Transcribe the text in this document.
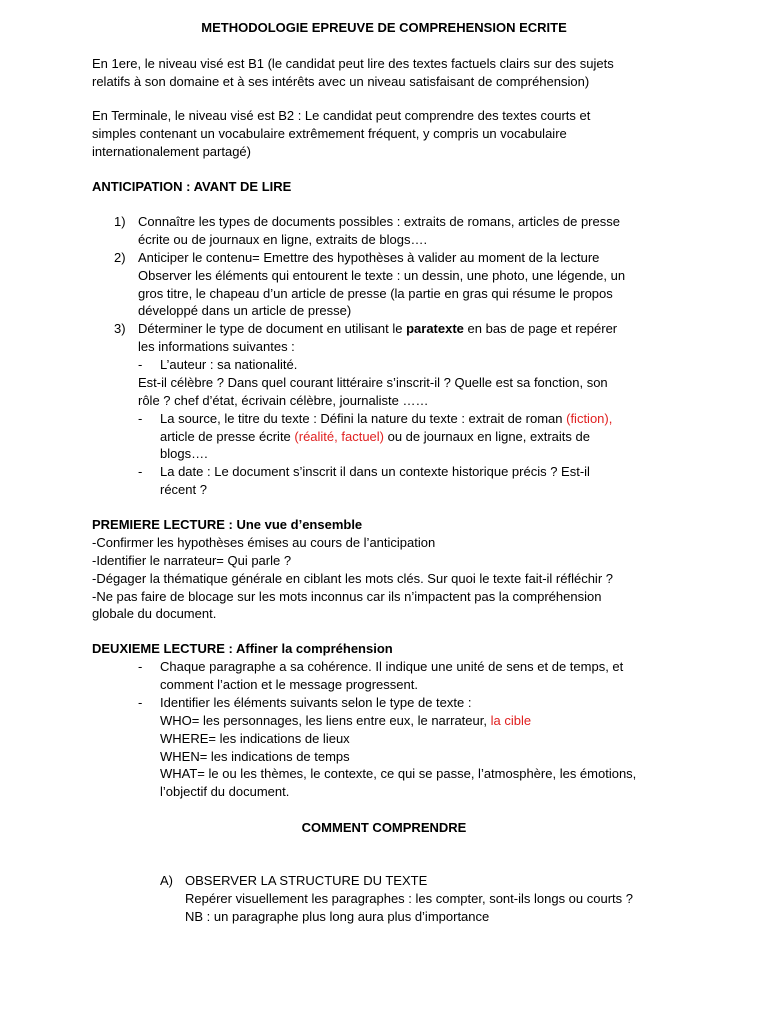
METHODOLOGIE EPREUVE DE COMPREHENSION ECRITE
En 1ere, le niveau visé est B1 (le candidat peut lire des textes factuels clairs sur des sujets
relatifs à son domaine et à ses intérêts avec un niveau satisfaisant de compréhension)
En Terminale, le niveau visé est B2 : Le candidat peut comprendre des textes courts et
simples contenant un vocabulaire extrêmement fréquent, y compris un vocabulaire
internationalement partagé)
ANTICIPATION : AVANT DE LIRE
1) Connaître les types de documents possibles : extraits de romans, articles de presse
écrite ou de journaux en ligne, extraits de blogs….
2) Anticiper le contenu= Emettre des hypothèses à valider au moment de la lecture
Observer les éléments qui entourent le texte : un dessin, une photo, une légende, un
gros titre, le chapeau d’un article de presse (la partie en gras qui résume le propos
développé dans un article de presse)
3) Déterminer le type de document en utilisant le paratexte en bas de page et repérer
les informations suivantes :
- L’auteur : sa nationalité.
Est-il célèbre ? Dans quel courant littéraire s’inscrit-il ? Quelle est sa fonction, son
rôle ? chef d’état, écrivain célèbre, journaliste ……
- La source, le titre du texte : Défini la nature du texte : extrait de roman (fiction),
article de presse écrite (réalité, factuel) ou de journaux en ligne, extraits de
blogs….
- La date : Le document s’inscrit il dans un contexte historique précis ? Est-il
récent ?
PREMIERE LECTURE : Une vue d’ensemble
-Confirmer les hypothèses émises au cours de l’anticipation
-Identifier le narrateur= Qui parle ?
-Dégager la thématique générale en ciblant les mots clés. Sur quoi le texte fait-il réfléchir ?
-Ne pas faire de blocage sur les mots inconnus car ils n’impactent pas la compréhension
globale du document.
DEUXIEME LECTURE : Affiner la compréhension
- Chaque paragraphe a sa cohérence. Il indique une unité de sens et de temps, et
comment l’action et le message progressent.
- Identifier les éléments suivants selon le type de texte :
WHO= les personnages, les liens entre eux, le narrateur, la cible
WHERE= les indications de lieux
WHEN= les indications de temps
WHAT= le ou les thèmes, le contexte, ce qui se passe, l’atmosphère, les émotions,
l’objectif du document.
COMMENT COMPRENDRE
A) OBSERVER LA STRUCTURE DU TEXTE
Repérer visuellement les paragraphes : les compter, sont-ils longs ou courts ?
NB : un paragraphe plus long aura plus d’importance
